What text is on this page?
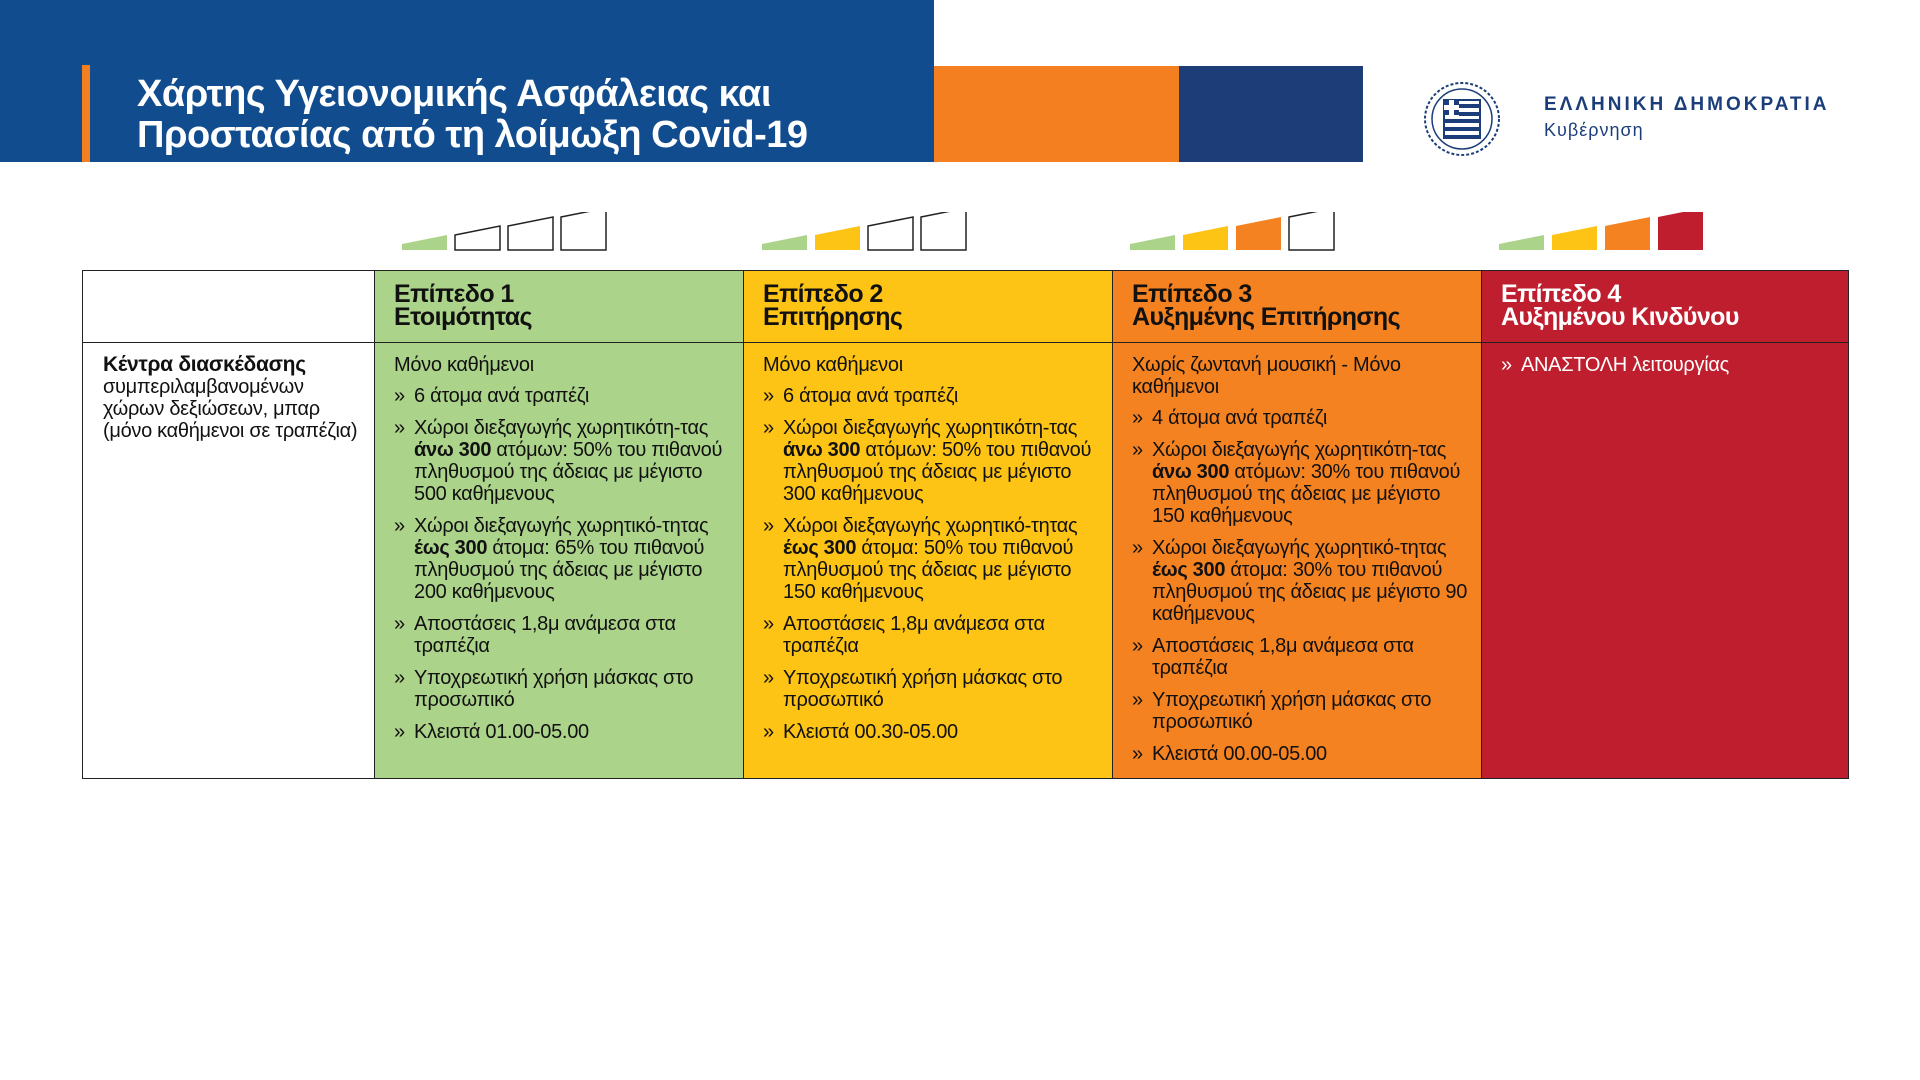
Χάρτης Υγειονομικής Ασφάλειας και
Προστασίας από τη λοίμωξη Covid-19
ΕΛΛΗΝΙΚΗ ΔΗΜΟΚΡΑΤΙΑ
Κυβέρνηση
Κέντρα διασκέδασης
συμπεριλαμβανομένων χώρων δεξιώσεων, μπαρ (μόνο καθήμενοι σε τραπέζια)
Επίπεδο 1
Ετοιμότητας
Μόνο καθήμενοι
» 6 άτομα ανά τραπέζι
» Χώροι διεξαγωγής χωρητικότη-τας άνω 300 ατόμων: 50% του πιθανού πληθυσμού της άδειας με μέγιστο 500 καθήμενους
» Χώροι διεξαγωγής χωρητικό-τητας έως 300 άτομα: 65% του πιθανού πληθυσμού της άδειας με μέγιστο 200 καθήμενους
» Αποστάσεις 1,8μ ανάμεσα στα τραπέζια
» Υποχρεωτική χρήση μάσκας στο προσωπικό
» Κλειστά 01.00-05.00
Επίπεδο 2
Επιτήρησης
Μόνο καθήμενοι
» 6 άτομα ανά τραπέζι
» Χώροι διεξαγωγής χωρητικότη-τας άνω 300 ατόμων: 50% του πιθανού πληθυσμού της άδειας με μέγιστο 300 καθήμενους
» Χώροι διεξαγωγής χωρητικό-τητας έως 300 άτομα: 50% του πιθανού πληθυσμού της άδειας με μέγιστο 150 καθήμενους
» Αποστάσεις 1,8μ ανάμεσα στα τραπέζια
» Υποχρεωτική χρήση μάσκας στο προσωπικό
» Κλειστά 00.30-05.00
Επίπεδο 3
Αυξημένης Επιτήρησης
Χωρίς ζωντανή μουσική - Μόνο καθήμενοι
» 4 άτομα ανά τραπέζι
» Χώροι διεξαγωγής χωρητικότη-τας άνω 300 ατόμων: 30% του πιθανού πληθυσμού της άδειας με μέγιστο 150 καθήμενους
» Χώροι διεξαγωγής χωρητικό-τητας έως 300 άτομα: 30% του πιθανού πληθυσμού της άδειας με μέγιστο 90 καθήμενους
» Αποστάσεις 1,8μ ανάμεσα στα τραπέζια
» Υποχρεωτική χρήση μάσκας στο προσωπικό
» Κλειστά 00.00-05.00
Επίπεδο 4
Αυξημένου Κινδύνου
» ΑΝΑΣΤΟΛΗ λειτουργίας
